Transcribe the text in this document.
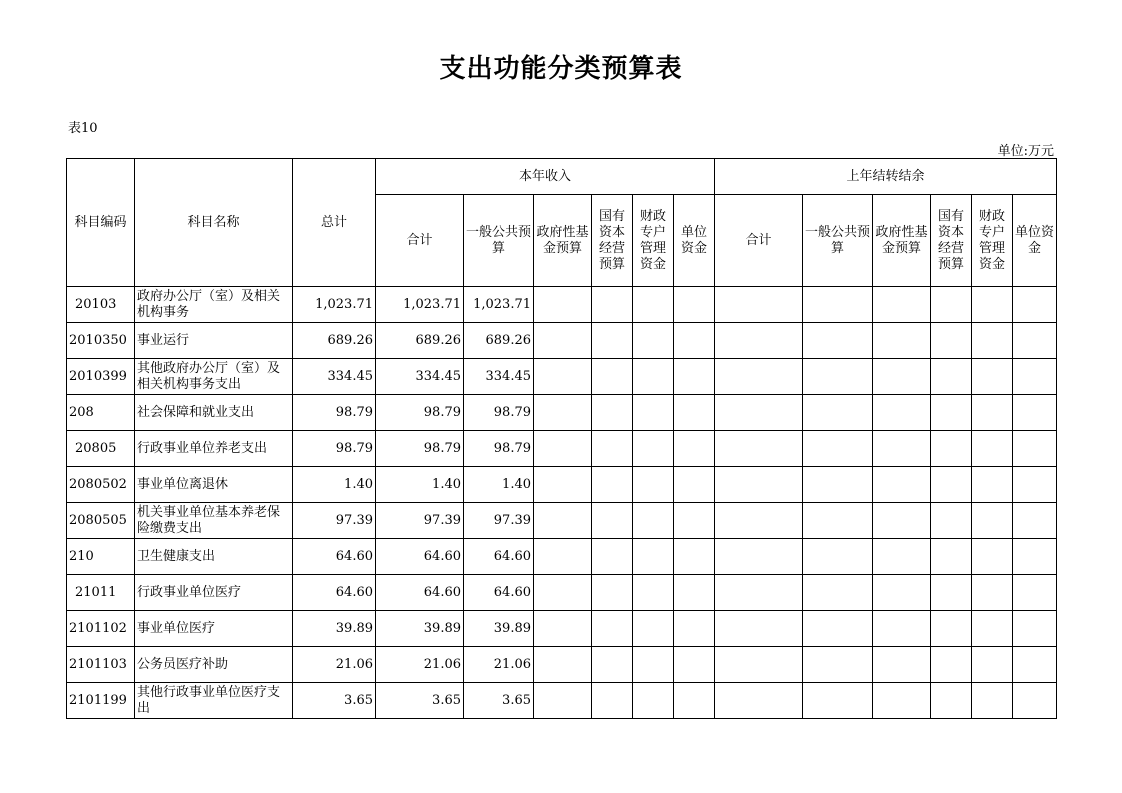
支出功能分类预算表
表10
单位:万元
科目编码	科目名称	总计	本年收入						上年结转结余					
			合计	一般公共预算	政府性基金预算	国有资本经营预算	财政专户管理资金	单位资金	合计	一般公共预算	政府性基金预算	国有资本经营预算	财政专户管理资金	单位资金
20103	政府办公厅（室）及相关机构事务	1,023.71	1,023.71	1,023.71										
2010350	事业运行	689.26	689.26	689.26										
2010399	其他政府办公厅（室）及相关机构事务支出	334.45	334.45	334.45										
208	社会保障和就业支出	98.79	98.79	98.79										
20805	行政事业单位养老支出	98.79	98.79	98.79										
2080502	事业单位离退休	1.40	1.40	1.40										
2080505	机关事业单位基本养老保险缴费支出	97.39	97.39	97.39										
210	卫生健康支出	64.60	64.60	64.60										
21011	行政事业单位医疗	64.60	64.60	64.60										
2101102	事业单位医疗	39.89	39.89	39.89										
2101103	公务员医疗补助	21.06	21.06	21.06										
2101199	其他行政事业单位医疗支出	3.65	3.65	3.65										
